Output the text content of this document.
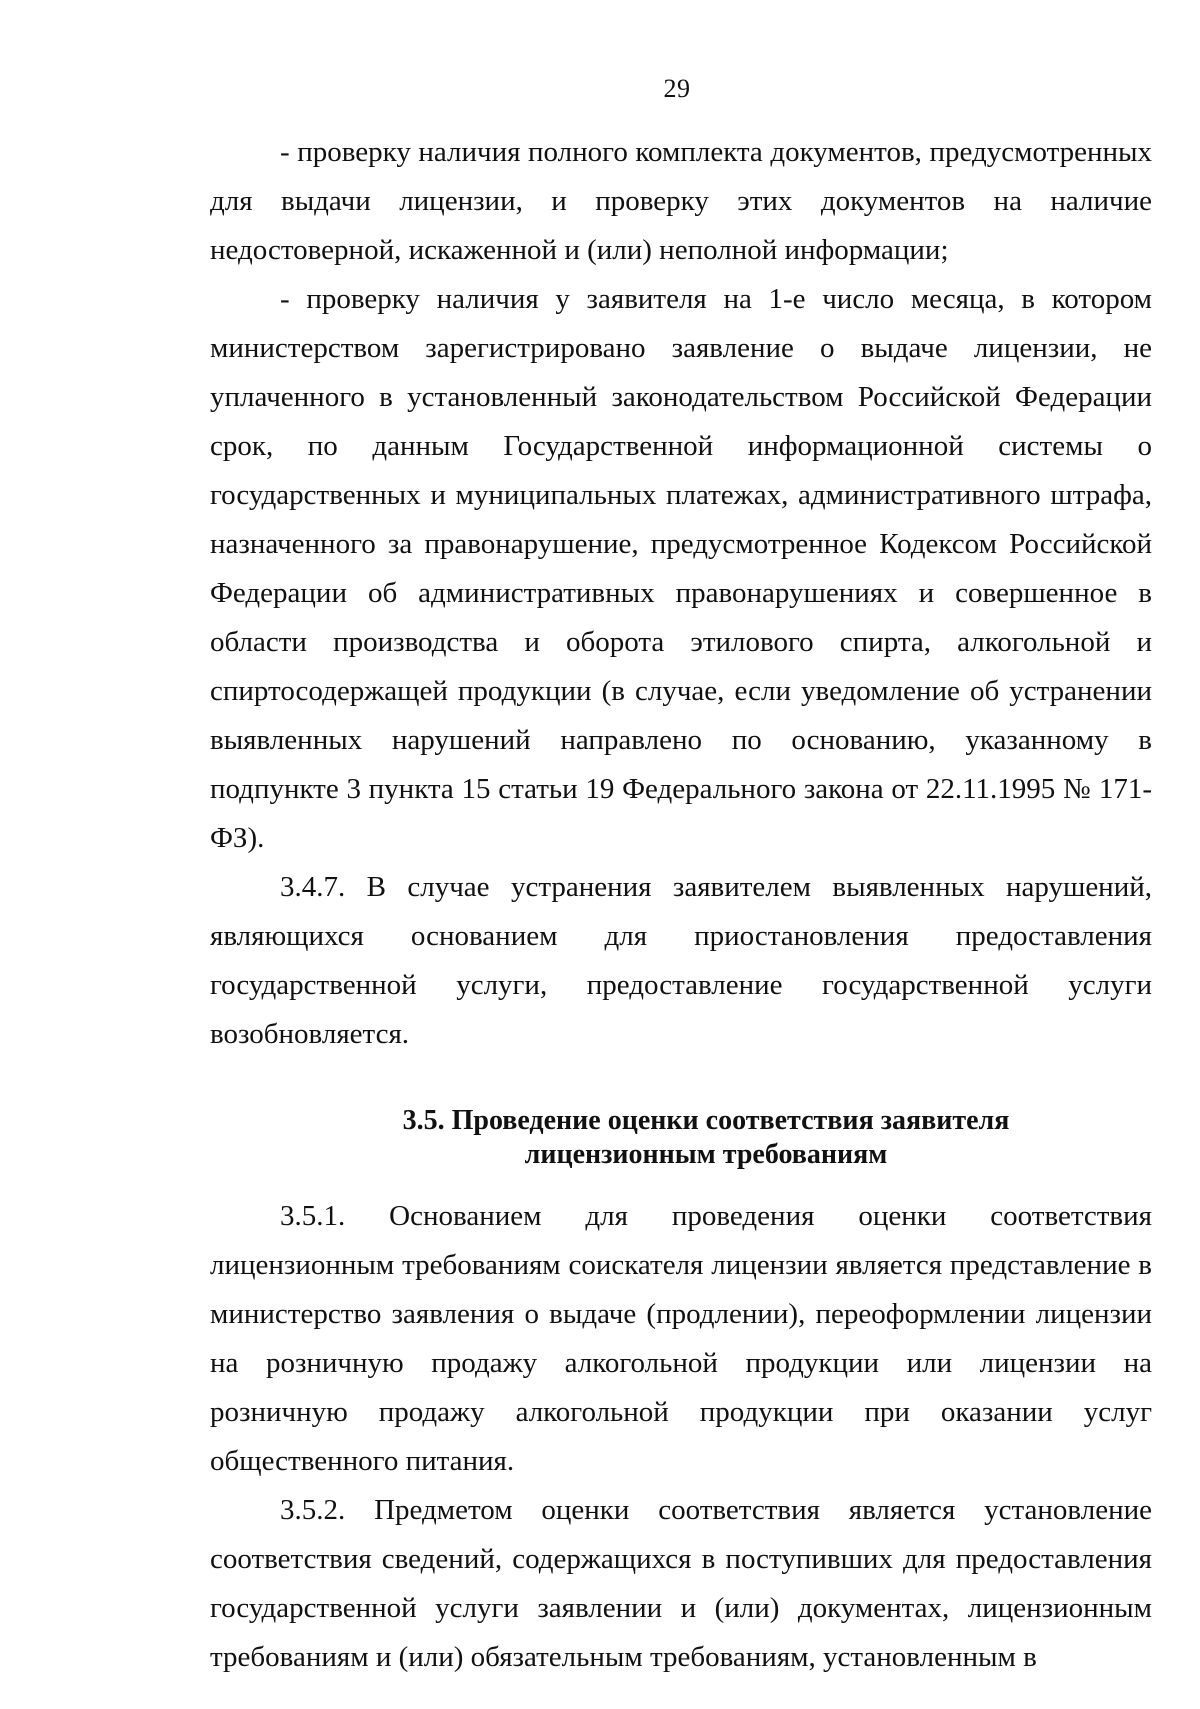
29

- проверку наличия полного комплекта документов, предусмотренных для выдачи лицензии, и проверку этих документов на наличие недостоверной, искаженной и (или) неполной информации;

- проверку наличия у заявителя на 1-е число месяца, в котором министерством зарегистрировано заявление о выдаче лицензии, не уплаченного в установленный законодательством Российской Федерации срок, по данным Государственной информационной системы о государственных и муниципальных платежах, административного штрафа, назначенного за правонарушение, предусмотренное Кодексом Российской Федерации об административных правонарушениях и совершенное в области производства и оборота этилового спирта, алкогольной и спиртосодержащей продукции (в случае, если уведомление об устранении выявленных нарушений направлено по основанию, указанному в подпункте 3 пункта 15 статьи 19 Федерального закона от 22.11.1995 № 171-ФЗ).

3.4.7. В случае устранения заявителем выявленных нарушений, являющихся основанием для приостановления предоставления государственной услуги, предоставление государственной услуги возобновляется.

3.5. Проведение оценки соответствия заявителя
лицензионным требованиям

3.5.1. Основанием для проведения оценки соответствия лицензионным требованиям соискателя лицензии является представление в министерство заявления о выдаче (продлении), переоформлении лицензии на розничную продажу алкогольной продукции или лицензии на розничную продажу алкогольной продукции при оказании услуг общественного питания.

3.5.2. Предметом оценки соответствия является установление соответствия сведений, содержащихся в поступивших для предоставления государственной услуги заявлении и (или) документах, лицензионным требованиям и (или) обязательным требованиям, установленным в
